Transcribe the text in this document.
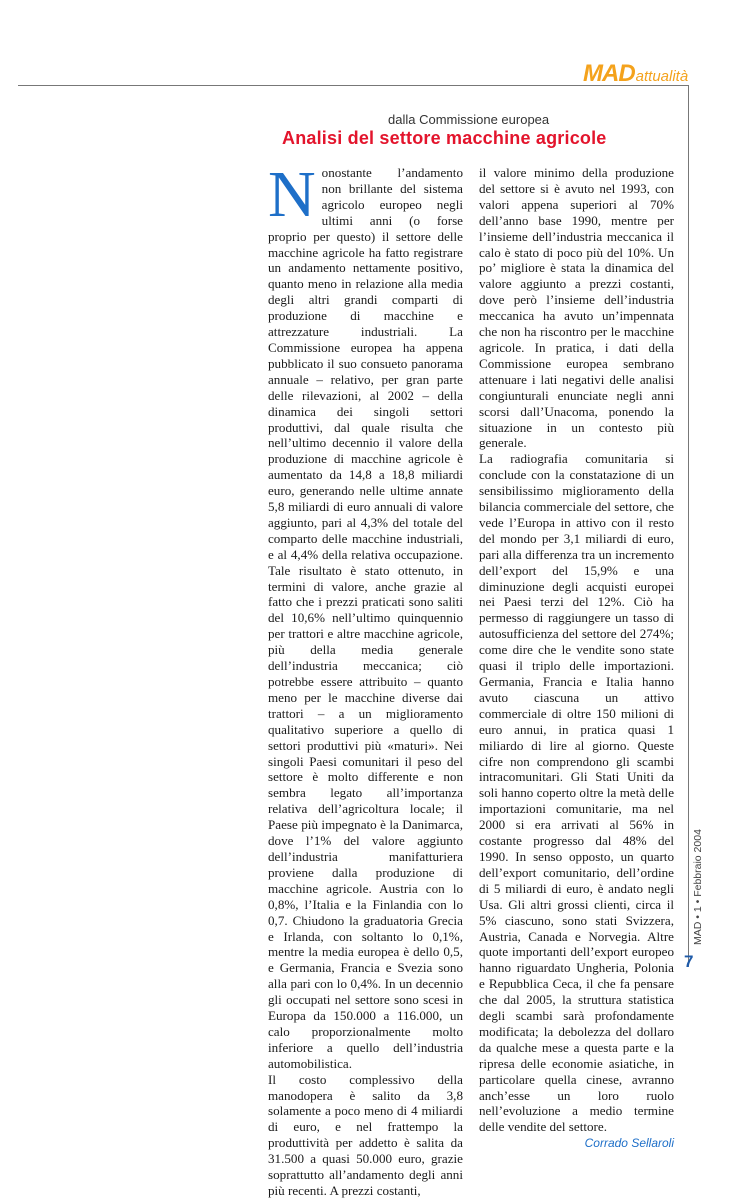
MAD attualità
dalla Commissione europea
Analisi del settore macchine agricole
N onostante l’andamento non brillante del sistema agricolo europeo negli ultimi anni (o forse proprio per questo) il settore delle macchine agricole ha fatto registrare un andamento nettamente positivo, quanto meno in relazione alla media degli altri grandi comparti di produzione di macchine e attrezzature industriali. La Commissione europea ha appena pubblicato il suo consueto panorama annuale – relativo, per gran parte delle rilevazioni, al 2002 – della dinamica dei singoli settori produttivi, dal quale risulta che nell’ultimo decennio il valore della produzione di macchine agricole è aumentato da 14,8 a 18,8 miliardi euro, generando nelle ultime annate 5,8 miliardi di euro annuali di valore aggiunto, pari al 4,3% del totale del comparto delle macchine industriali, e al 4,4% della relativa occupazione. Tale risultato è stato ottenuto, in termini di valore, anche grazie al fatto che i prezzi praticati sono saliti del 10,6% nell’ultimo quinquennio per trattori e altre macchine agricole, più della media generale dell’industria meccanica; ciò potrebbe essere attribuito – quanto meno per le macchine diverse dai trattori – a un miglioramento qualitativo superiore a quello di settori produttivi più «maturi». Nei singoli Paesi comunitari il peso del settore è molto differente e non sembra legato all’importanza relativa dell’agricoltura locale; il Paese più impegnato è la Danimarca, dove l’1% del valore aggiunto dell’industria manifatturiera proviene dalla produzione di macchine agricole. Austria con lo 0,8%, l’Italia e la Finlandia con lo 0,7. Chiudono la graduatoria Grecia e Irlanda, con soltanto lo 0,1%, mentre la media europea è dello 0,5, e Germania, Francia e Svezia sono alla pari con lo 0,4%. In un decennio gli occupati nel settore sono scesi in Europa da 150.000 a 116.000, un calo proporzionalmente molto inferiore a quello dell’industria automobilistica.

Il costo complessivo della manodopera è salito da 3,8 solamente a poco meno di 4 miliardi di euro, e nel frattempo la produttività per addetto è salita da 31.500 a quasi 50.000 euro, grazie soprattutto all’andamento degli anni più recenti. A prezzi costanti,

il valore minimo della produzione del settore si è avuto nel 1993, con valori appena superiori al 70% dell’anno base 1990, mentre per l’insieme dell’industria meccanica il calo è stato di poco più del 10%. Un po’ migliore è stata la dinamica del valore aggiunto a prezzi costanti, dove però l’insieme dell’industria meccanica ha avuto un’impennata che non ha riscontro per le macchine agricole. In pratica, i dati della Commissione europea sembrano attenuare i lati negativi delle analisi congiunturali enunciate negli anni scorsi dall’Unacoma, ponendo la situazione in un contesto più generale.

La radiografia comunitaria si conclude con la constatazione di un sensibilissimo miglioramento della bilancia commerciale del settore, che vede l’Europa in attivo con il resto del mondo per 3,1 miliardi di euro, pari alla differenza tra un incremento dell’export del 15,9% e una diminuzione degli acquisti europei nei Paesi terzi del 12%. Ciò ha permesso di raggiungere un tasso di autosufficienza del settore del 274%; come dire che le vendite sono state quasi il triplo delle importazioni. Germania, Francia e Italia hanno avuto ciascuna un attivo commerciale di oltre 150 milioni di euro annui, in pratica quasi 1 miliardo di lire al giorno. Queste cifre non comprendono gli scambi intracomunitari. Gli Stati Uniti da soli hanno coperto oltre la metà delle importazioni comunitarie, ma nel 2000 si era arrivati al 56% in costante progresso dal 48% del 1990. In senso opposto, un quarto dell’export comunitario, dell’ordine di 5 miliardi di euro, è andato negli Usa. Gli altri grossi clienti, circa il 5% ciascuno, sono stati Svizzera, Austria, Canada e Norvegia. Altre quote importanti dell’export europeo hanno riguardato Ungheria, Polonia e Repubblica Ceca, il che fa pensare che dal 2005, la struttura statistica degli scambi sarà profondamente modificata; la debolezza del dollaro da qualche mese a questa parte e la ripresa delle economie asiatiche, in particolare quella cinese, avranno anch’esse un loro ruolo nell’evoluzione a medio termine delle vendite del settore.

Corrado Sellaroli
MAD • 1 • Febbraio 2004
7
